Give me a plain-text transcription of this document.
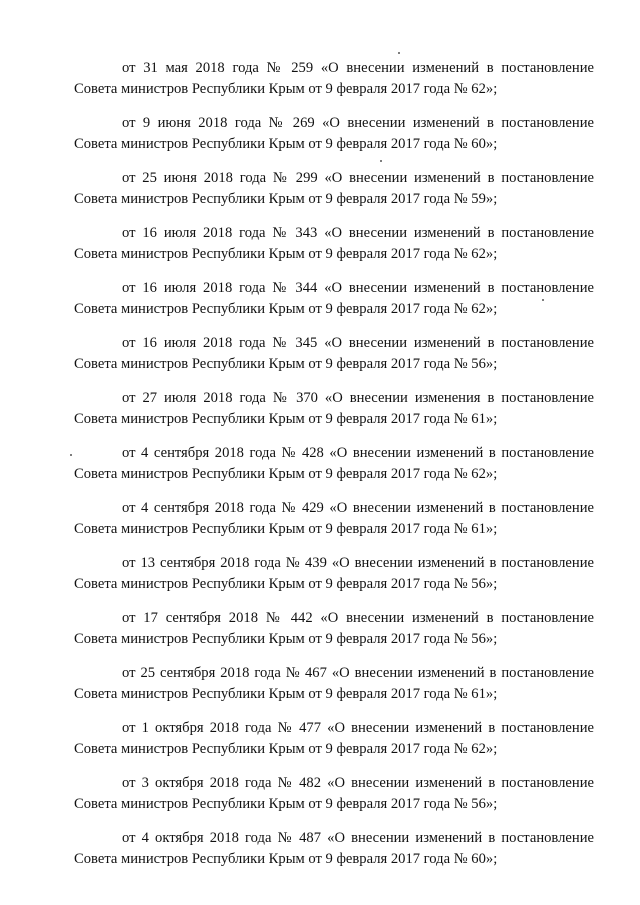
от 31 мая 2018 года № 259 «О внесении изменений в постановление
Совета министров Республики Крым от 9 февраля 2017 года № 62»;
от 9 июня 2018 года № 269 «О внесении изменений в постановление
Совета министров Республики Крым от 9 февраля 2017 года № 60»;
от 25 июня 2018 года № 299 «О внесении изменений в постановление
Совета министров Республики Крым от 9 февраля 2017 года № 59»;
от 16 июля 2018 года № 343 «О внесении изменений в постановление
Совета министров Республики Крым от 9 февраля 2017 года № 62»;
от 16 июля 2018 года № 344 «О внесении изменений в постановление
Совета министров Республики Крым от 9 февраля 2017 года № 62»;
от 16 июля 2018 года № 345 «О внесении изменений в постановление
Совета министров Республики Крым от 9 февраля 2017 года № 56»;
от 27 июля 2018 года № 370 «О внесении изменения в постановление
Совета министров Республики Крым от 9 февраля 2017 года № 61»;
от 4 сентября 2018 года № 428 «О внесении изменений в постановление
Совета министров Республики Крым от 9 февраля 2017 года № 62»;
от 4 сентября 2018 года № 429 «О внесении изменений в постановление
Совета министров Республики Крым от 9 февраля 2017 года № 61»;
от 13 сентября 2018 года № 439 «О внесении изменений в постановление
Совета министров Республики Крым от 9 февраля 2017 года № 56»;
от 17 сентября 2018 № 442 «О внесении изменений в постановление
Совета министров Республики Крым от 9 февраля 2017 года № 56»;
от 25 сентября 2018 года № 467 «О внесении изменений в постановление
Совета министров Республики Крым от 9 февраля 2017 года № 61»;
от 1 октября 2018 года № 477 «О внесении изменений в постановление
Совета министров Республики Крым от 9 февраля 2017 года № 62»;
от 3 октября 2018 года № 482 «О внесении изменений в постановление
Совета министров Республики Крым от 9 февраля 2017 года № 56»;
от 4 октября 2018 года № 487 «О внесении изменений в постановление
Совета министров Республики Крым от 9 февраля 2017 года № 60»;
